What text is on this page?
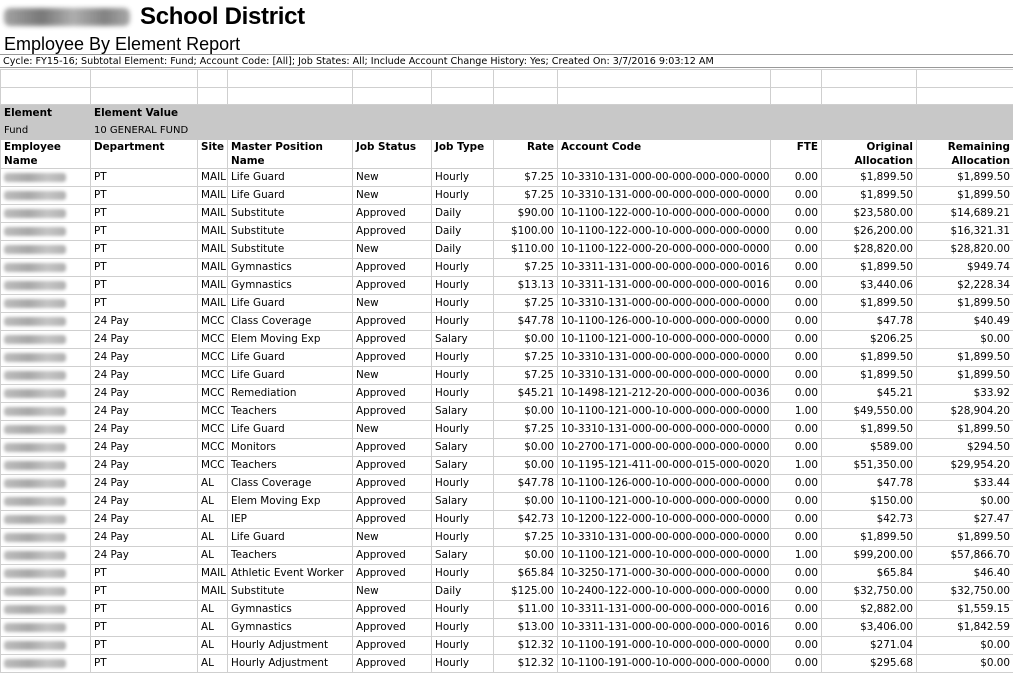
School District
Employee By Element Report
Cycle: FY15-16; Subtotal Element: Fund; Account Code: [All]; Job States: All; Include Account Change History: Yes; Created On: 3/7/2016 9:03:12 AM

Element	Element Value									
Fund	10 GENERAL FUND									
Employee Name	Department	Site	Master Position Name	Job Status	Job Type	Rate	Account Code	FTE	Original Allocation	Remaining Allocation
	PT	MAIL	Life Guard	New	Hourly	$7.25	10-3310-131-000-00-000-000-000-0000	0.00	$1,899.50	$1,899.50
	PT	MAIL	Life Guard	New	Hourly	$7.25	10-3310-131-000-00-000-000-000-0000	0.00	$1,899.50	$1,899.50
	PT	MAIL	Substitute	Approved	Daily	$90.00	10-1100-122-000-10-000-000-000-0000	0.00	$23,580.00	$14,689.21
	PT	MAIL	Substitute	Approved	Daily	$100.00	10-1100-122-000-10-000-000-000-0000	0.00	$26,200.00	$16,321.31
	PT	MAIL	Substitute	New	Daily	$110.00	10-1100-122-000-20-000-000-000-0000	0.00	$28,820.00	$28,820.00
	PT	MAIL	Gymnastics	Approved	Hourly	$7.25	10-3311-131-000-00-000-000-000-0016	0.00	$1,899.50	$949.74
	PT	MAIL	Gymnastics	Approved	Hourly	$13.13	10-3311-131-000-00-000-000-000-0016	0.00	$3,440.06	$2,228.34
	PT	MAIL	Life Guard	New	Hourly	$7.25	10-3310-131-000-00-000-000-000-0000	0.00	$1,899.50	$1,899.50
	24 Pay	MCC	Class Coverage	Approved	Hourly	$47.78	10-1100-126-000-10-000-000-000-0000	0.00	$47.78	$40.49
	24 Pay	MCC	Elem Moving Exp	Approved	Salary	$0.00	10-1100-121-000-10-000-000-000-0000	0.00	$206.25	$0.00
	24 Pay	MCC	Life Guard	Approved	Hourly	$7.25	10-3310-131-000-00-000-000-000-0000	0.00	$1,899.50	$1,899.50
	24 Pay	MCC	Life Guard	New	Hourly	$7.25	10-3310-131-000-00-000-000-000-0000	0.00	$1,899.50	$1,899.50
	24 Pay	MCC	Remediation	Approved	Hourly	$45.21	10-1498-121-212-20-000-000-000-0036	0.00	$45.21	$33.92
	24 Pay	MCC	Teachers	Approved	Salary	$0.00	10-1100-121-000-10-000-000-000-0000	1.00	$49,550.00	$28,904.20
	24 Pay	MCC	Life Guard	New	Hourly	$7.25	10-3310-131-000-00-000-000-000-0000	0.00	$1,899.50	$1,899.50
	24 Pay	MCC	Monitors	Approved	Salary	$0.00	10-2700-171-000-00-000-000-000-0000	0.00	$589.00	$294.50
	24 Pay	MCC	Teachers	Approved	Salary	$0.00	10-1195-121-411-00-000-015-000-0020	1.00	$51,350.00	$29,954.20
	24 Pay	AL	Class Coverage	Approved	Hourly	$47.78	10-1100-126-000-10-000-000-000-0000	0.00	$47.78	$33.44
	24 Pay	AL	Elem Moving Exp	Approved	Salary	$0.00	10-1100-121-000-10-000-000-000-0000	0.00	$150.00	$0.00
	24 Pay	AL	IEP	Approved	Hourly	$42.73	10-1200-122-000-10-000-000-000-0000	0.00	$42.73	$27.47
	24 Pay	AL	Life Guard	New	Hourly	$7.25	10-3310-131-000-00-000-000-000-0000	0.00	$1,899.50	$1,899.50
	24 Pay	AL	Teachers	Approved	Salary	$0.00	10-1100-121-000-10-000-000-000-0000	1.00	$99,200.00	$57,866.70
	PT	MAIL	Athletic Event Worker	Approved	Hourly	$65.84	10-3250-171-000-30-000-000-000-0000	0.00	$65.84	$46.40
	PT	MAIL	Substitute	New	Daily	$125.00	10-2400-122-000-10-000-000-000-0000	0.00	$32,750.00	$32,750.00
	PT	AL	Gymnastics	Approved	Hourly	$11.00	10-3311-131-000-00-000-000-000-0016	0.00	$2,882.00	$1,559.15
	PT	AL	Gymnastics	Approved	Hourly	$13.00	10-3311-131-000-00-000-000-000-0016	0.00	$3,406.00	$1,842.59
	PT	AL	Hourly Adjustment	Approved	Hourly	$12.32	10-1100-191-000-10-000-000-000-0000	0.00	$271.04	$0.00
	PT	AL	Hourly Adjustment	Approved	Hourly	$12.32	10-1100-191-000-10-000-000-000-0000	0.00	$295.68	$0.00
